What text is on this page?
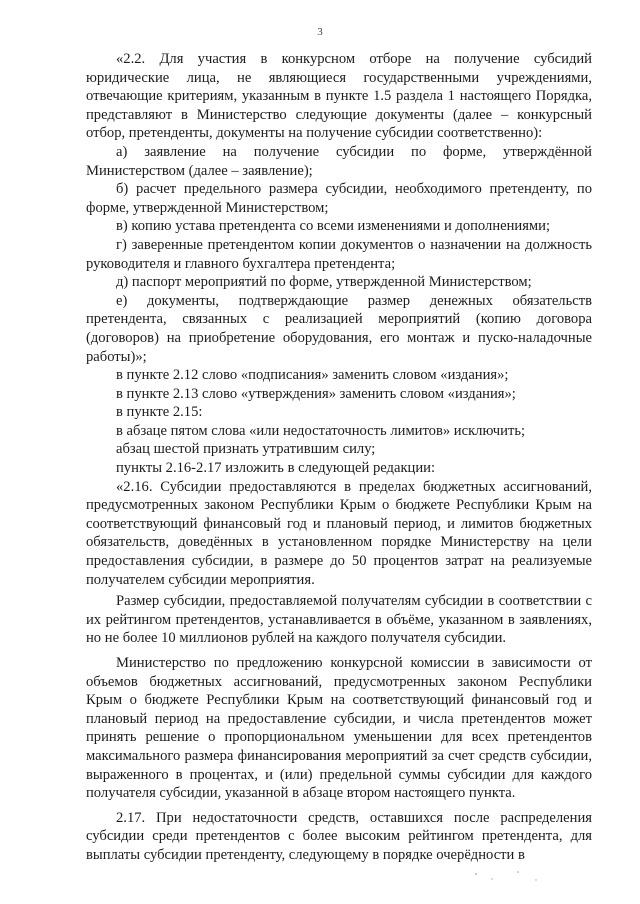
3

«2.2. Для участия в конкурсном отборе на получение субсидий юридические лица, не являющиеся государственными учреждениями, отвечающие критериям, указанным в пункте 1.5 раздела 1 настоящего Порядка, представляют в Министерство следующие документы (далее – конкурсный отбор, претенденты, документы на получение субсидии соответственно):

а) заявление на получение субсидии по форме, утверждённой Министерством (далее – заявление);

б) расчет предельного размера субсидии, необходимого претенденту, по форме, утвержденной Министерством;

в) копию устава претендента со всеми изменениями и дополнениями;

г) заверенные претендентом копии документов о назначении на должность руководителя и главного бухгалтера претендента;

д) паспорт мероприятий по форме, утвержденной Министерством;

е) документы, подтверждающие размер денежных обязательств претендента, связанных с реализацией мероприятий (копию договора (договоров) на приобретение оборудования, его монтаж и пуско-наладочные работы)»;

в пункте 2.12 слово «подписания» заменить словом «издания»;

в пункте 2.13 слово «утверждения» заменить словом «издания»;

в пункте 2.15:

в абзаце пятом слова «или недостаточность лимитов» исключить;

абзац шестой признать утратившим силу;

пункты 2.16-2.17 изложить в следующей редакции:

«2.16. Субсидии предоставляются в пределах бюджетных ассигнований, предусмотренных законом Республики Крым о бюджете Республики Крым на соответствующий финансовый год и плановый период, и лимитов бюджетных обязательств, доведённых в установленном порядке Министерству на цели предоставления субсидии, в размере до 50 процентов затрат на реализуемые получателем субсидии мероприятия.

Размер субсидии, предоставляемой получателям субсидии в соответствии с их рейтингом претендентов, устанавливается в объёме, указанном в заявлениях, но не более 10 миллионов рублей на каждого получателя субсидии.

Министерство по предложению конкурсной комиссии в зависимости от объемов бюджетных ассигнований, предусмотренных законом Республики Крым о бюджете Республики Крым на соответствующий финансовый год и плановый период на предоставление субсидии, и числа претендентов может принять решение о пропорциональном уменьшении для всех претендентов максимального размера финансирования мероприятий за счет средств субсидии, выраженного в процентах, и (или) предельной суммы субсидии для каждого получателя субсидии, указанной в абзаце втором настоящего пункта.

2.17. При недостаточности средств, оставшихся после распределения субсидии среди претендентов с более высоким рейтингом претендента, для выплаты субсидии претенденту, следующему в порядке очерёдности в
